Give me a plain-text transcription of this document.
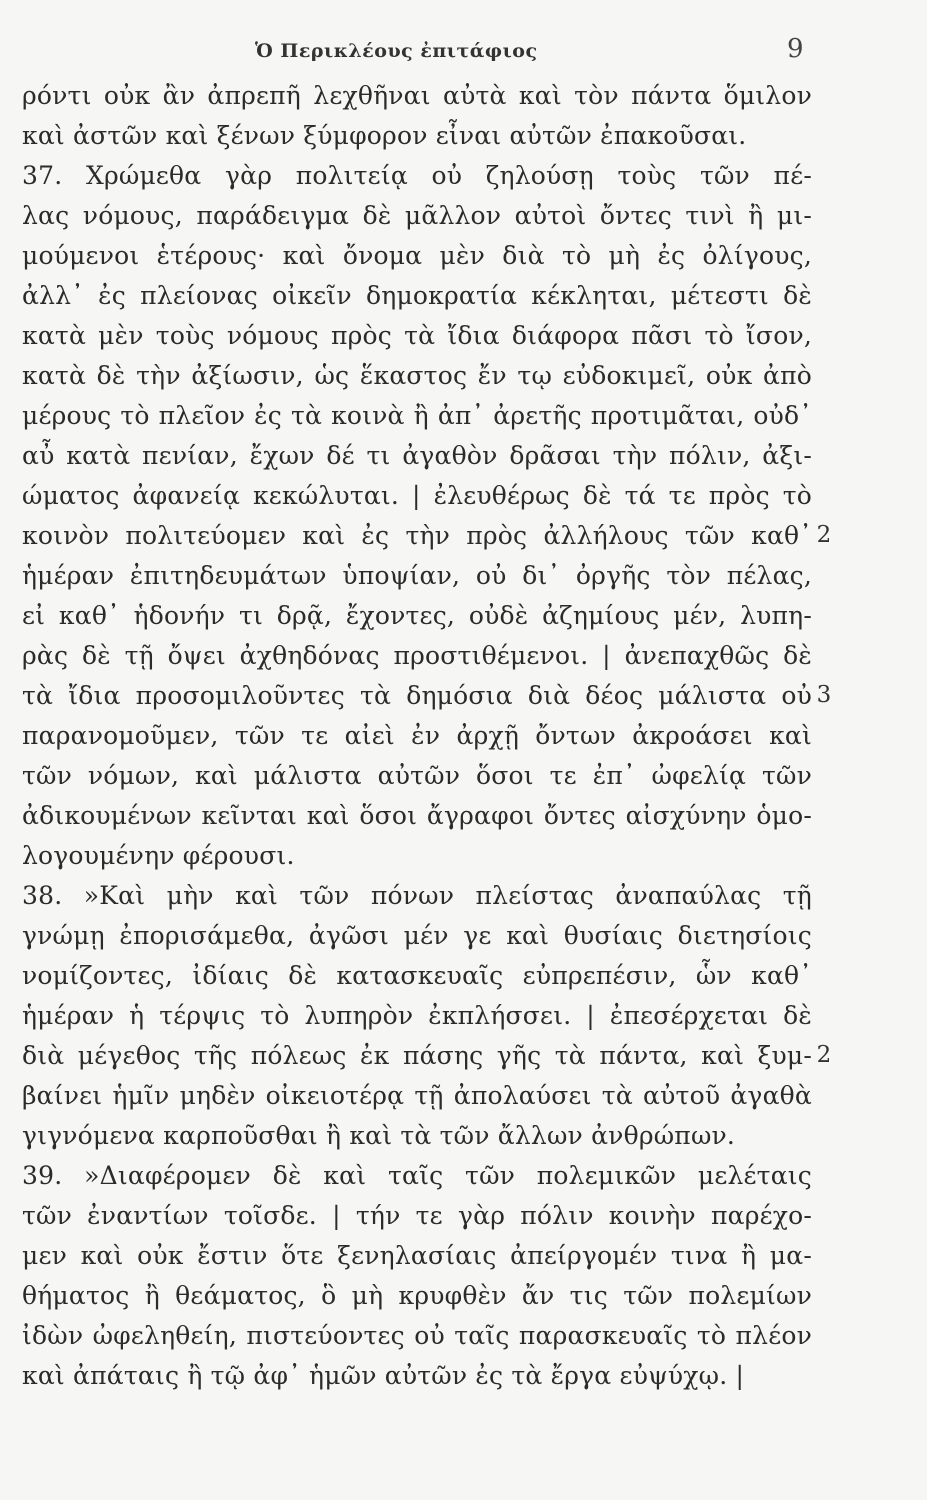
Ὁ Περικλέους ἐπιτάφιος	9
ρόντι οὐκ ἂν ἀπρεπῆ λεχθῆναι αὐτὰ καὶ τὸν πάντα ὅμιλον
καὶ ἀστῶν καὶ ξένων ξύμφορον εἶναι αὐτῶν ἐπακοῦσαι.
37. Χρώμεθα γὰρ πολιτείᾳ οὐ ζηλούσῃ τοὺς τῶν πέ-
λας νόμους, παράδειγμα δὲ μᾶλλον αὐτοὶ ὄντες τινὶ ἢ μι-
μούμενοι ἑτέρους· καὶ ὄνομα μὲν διὰ τὸ μὴ ἐς ὀλίγους,
ἀλλ᾽ ἐς πλείονας οἰκεῖν δημοκρατία κέκληται, μέτεστι δὲ
κατὰ μὲν τοὺς νόμους πρὸς τὰ ἴδια διάφορα πᾶσι τὸ ἴσον,
κατὰ δὲ τὴν ἀξίωσιν, ὡς ἕκαστος ἔν τῳ εὐδοκιμεῖ, οὐκ ἀπὸ
μέρους τὸ πλεῖον ἐς τὰ κοινὰ ἢ ἀπ᾽ ἀρετῆς προτιμᾶται, οὐδ᾽
αὖ κατὰ πενίαν, ἔχων δέ τι ἀγαθὸν δρᾶσαι τὴν πόλιν, ἀξι-
ώματος ἀφανείᾳ κεκώλυται. | ἐλευθέρως δὲ τά τε πρὸς τὸ
κοινὸν πολιτεύομεν καὶ ἐς τὴν πρὸς ἀλλήλους τῶν καθ᾽
ἡμέραν ἐπιτηδευμάτων ὑποψίαν, οὐ δι᾽ ὀργῆς τὸν πέλας,
εἰ καθ᾽ ἡδονήν τι δρᾷ, ἔχοντες, οὐδὲ ἀζημίους μέν, λυπη-
ρὰς δὲ τῇ ὄψει ἀχθηδόνας προστιθέμενοι. | ἀνεπαχθῶς δὲ
τὰ ἴδια προσομιλοῦντες τὰ δημόσια διὰ δέος μάλιστα οὐ
παρανομοῦμεν, τῶν τε αἰεὶ ἐν ἀρχῇ ὄντων ἀκροάσει καὶ
τῶν νόμων, καὶ μάλιστα αὐτῶν ὅσοι τε ἐπ᾽ ὠφελίᾳ τῶν
ἀδικουμένων κεῖνται καὶ ὅσοι ἄγραφοι ὄντες αἰσχύνην ὁμο-
λογουμένην φέρουσι.
38. »Καὶ μὴν καὶ τῶν πόνων πλείστας ἀναπαύλας τῇ
γνώμῃ ἐπορισάμεθα, ἀγῶσι μέν γε καὶ θυσίαις διετησίοις
νομίζοντες, ἰδίαις δὲ κατασκευαῖς εὐπρεπέσιν, ὧν καθ᾽
ἡμέραν ἡ τέρψις τὸ λυπηρὸν ἐκπλήσσει. | ἐπεσέρχεται δὲ
διὰ μέγεθος τῆς πόλεως ἐκ πάσης γῆς τὰ πάντα, καὶ ξυμ-
βαίνει ἡμῖν μηδὲν οἰκειοτέρᾳ τῇ ἀπολαύσει τὰ αὐτοῦ ἀγαθὰ
γιγνόμενα καρποῦσθαι ἢ καὶ τὰ τῶν ἄλλων ἀνθρώπων.
39. »Διαφέρομεν δὲ καὶ ταῖς τῶν πολεμικῶν μελέταις
τῶν ἐναντίων τοῖσδε. | τήν τε γὰρ πόλιν κοινὴν παρέχο-
μεν καὶ οὐκ ἔστιν ὅτε ξενηλασίαις ἀπείργομέν τινα ἢ μα-
θήματος ἢ θεάματος, ὃ μὴ κρυφθὲν ἄν τις τῶν πολεμίων
ἰδὼν ὠφεληθείη, πιστεύοντες οὐ ταῖς παρασκευαῖς τὸ πλέον
καὶ ἀπάταις ἢ τῷ ἀφ᾽ ἡμῶν αὐτῶν ἐς τὰ ἔργα εὐψύχῳ. |
2
3
2
